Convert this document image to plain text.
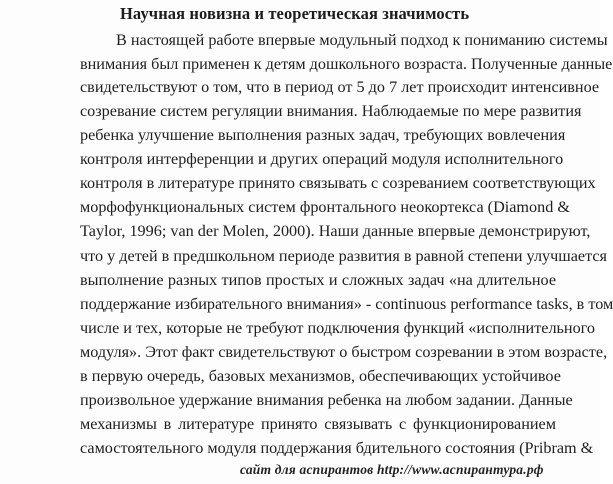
Научная новизна и теоретическая значимость
В настоящей работе впервые модульный подход к пониманию системы
внимания был применен к детям дошкольного возраста. Полученные данные
свидетельствуют о том, что в период от 5 до 7 лет происходит интенсивное
созревание систем регуляции внимания. Наблюдаемые по мере развития
ребенка улучшение выполнения разных задач, требующих вовлечения
контроля интерференции и других операций модуля исполнительного
контроля в литературе принято связывать с созреванием соответствующих
морфофункциональных систем фронтального неокортекса (Diamond &
Taylor, 1996; van der Molen, 2000). Наши данные впервые демонстрируют,
что у детей в предшкольном периоде развития в равной степени улучшается
выполнение разных типов простых и сложных задач «на длительное
поддержание избирательного внимания» - continuous performance tasks, в том
числе и тех, которые не требуют подключения функций «исполнительного
модуля». Этот факт свидетельствуют о быстром созревании в этом возрасте,
в первую очередь, базовых механизмов, обеспечивающих устойчивое
произвольное удержание внимания ребенка на любом задании. Данные
механизмы в литературе принято связывать с функционированием
самостоятельного модуля поддержания бдительного состояния (Pribram &
сайт для аспирантов http://www.аспирантура.рф
